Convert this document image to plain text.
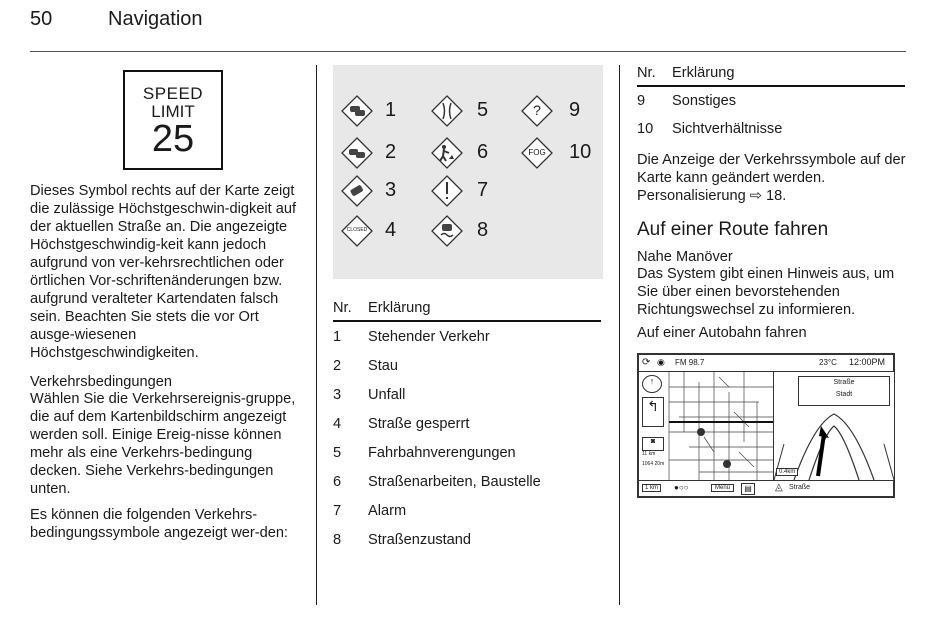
50	Navigation
SPEED
LIMIT
25

Dieses Symbol rechts auf der Karte zeigt die zulässige Höchstgeschwin-digkeit auf der aktuellen Straße an. Die angezeigte Höchstgeschwindig-keit kann jedoch aufgrund von ver-kehrsrechtlichen oder örtlichen Vor-schriftenänderungen bzw. aufgrund veralteter Kartendaten falsch sein. Beachten Sie stets die vor Ort ausge-wiesenen Höchstgeschwindigkeiten.

Verkehrsbedingungen

Wählen Sie die Verkehrsereignis-gruppe, die auf dem Kartenbildschirm angezeigt werden soll. Einige Ereig-nisse können mehr als eine Verkehrs-bedingung decken. Siehe Verkehrs-bedingungen unten.

Es können die folgenden Verkehrs-bedingungssymbole angezeigt wer-den:

1	5	?	9
2	6	FOG	10
3	7
CLOSED 4	8
Nr.	Erklärung
1	Stehender Verkehr
2	Stau
3	Unfall
4	Straße gesperrt
5	Fahrbahnverengungen
6	Straßenarbeiten, Baustelle
7	Alarm
8	Straßenzustand
Nr.	Erklärung
9	Sonstiges
10	Sichtverhältnisse

Die Anzeige der Verkehrssymbole auf der Karte kann geändert werden. Personalisierung ⇨ 18.

Auf einer Route fahren
Nahe Manöver

Das System gibt einen Hinweis aus, um Sie über einen bevorstehenden Richtungswechsel zu informieren.

Auf einer Autobahn fahren
⟳ ◉ FM 98.7	23°C 12:00PM
↑
↰
◙
11 km
1064 20m
Straße
Stadt
0.4km
1 km	●○○	Menü	▤	◬ Straße
